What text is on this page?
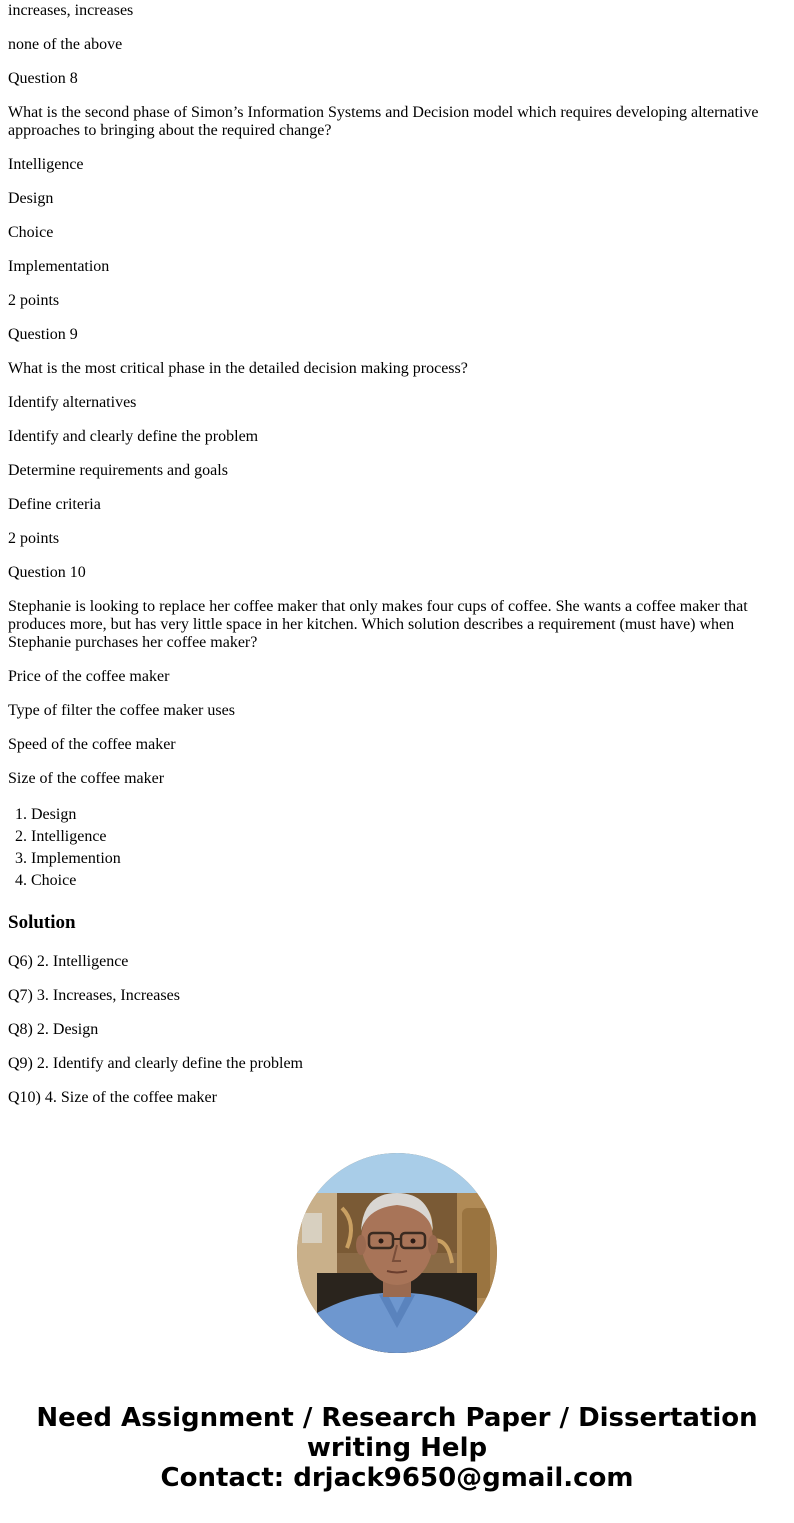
increases, increases

none of the above

Question 8

What is the second phase of Simon’s Information Systems and Decision model which requires developing alternative approaches to bringing about the required change?

Intelligence

Design

Choice

Implementation

2 points

Question 9

What is the most critical phase in the detailed decision making process?

Identify alternatives

Identify and clearly define the problem

Determine requirements and goals

Define criteria

2 points

Question 10

Stephanie is looking to replace her coffee maker that only makes four cups of coffee. She wants a coffee maker that produces more, but has very little space in her kitchen. Which solution describes a requirement (must have) when Stephanie purchases her coffee maker?

Price of the coffee maker

Type of filter the coffee maker uses

Speed of the coffee maker

Size of the coffee maker

1. Design
2. Intelligence
3. Implemention
4. Choice
Solution

Q6) 2. Intelligence

Q7) 3. Increases, Increases

Q8) 2. Design

Q9) 2. Identify and clearly define the problem

Q10) 4. Size of the coffee maker

Need Assignment / Research Paper / Dissertation
writing Help
Contact: drjack9650@gmail.com
